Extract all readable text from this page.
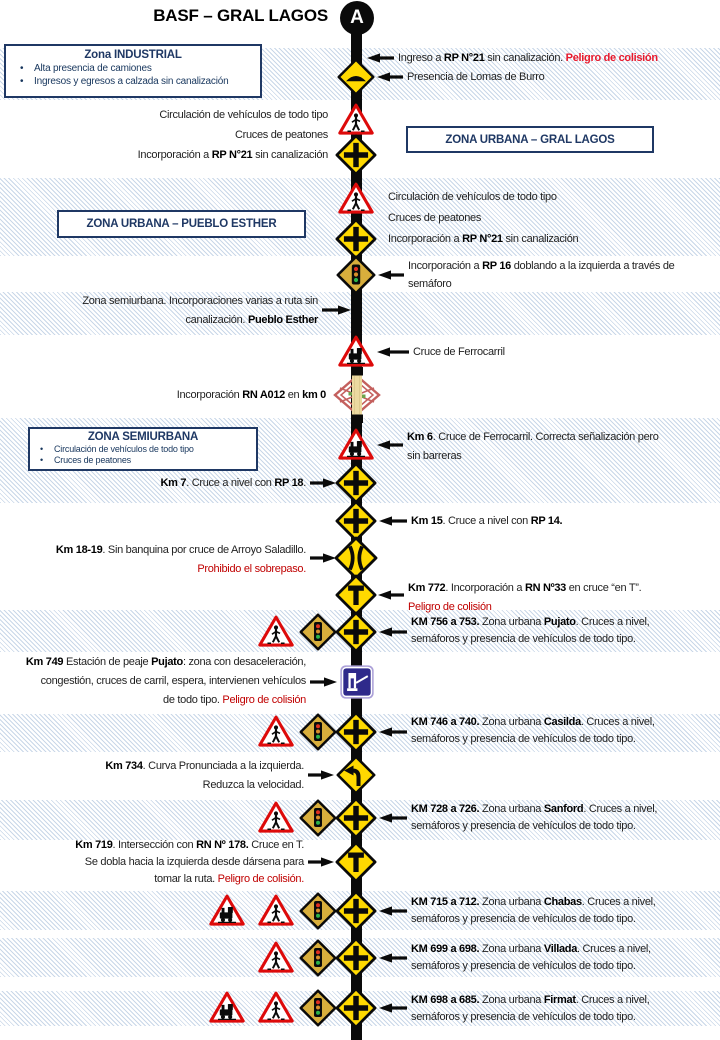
BASF – GRAL LAGOS	A
Zona INDUSTRIAL
•	Alta presencia de camiones
•	Ingresos y egresos a calzada sin canalización
ZONA URBANA – GRAL LAGOS
ZONA URBANA – PUEBLO ESTHER
ZONA SEMIURBANA
•	Circulación de vehículos de todo tipo
•	Cruces de peatones
Ingreso a RP N°21 sin canalización. Peligro de colisión
Presencia de Lomas de Burro
Circulación de vehículos de todo tipo
Cruces de peatones
Incorporación a RP N°21 sin canalización
Circulación de vehículos de todo tipo
Cruces de peatones
Incorporación a RP N°21 sin canalización
Incorporación a RP 16 doblando a la izquierda a través de
semáforo
Zona semiurbana. Incorporaciones varias a ruta sin
canalización. Pueblo Esther
Cruce de Ferrocarril
Incorporación RN A012 en km 0
Km 6. Cruce de Ferrocarril. Correcta señalización pero
sin barreras
Km 7. Cruce a nivel con RP 18.
Km 15. Cruce a nivel con RP 14.
Km 18-19. Sin banquina por cruce de Arroyo Saladillo.
Prohibido el sobrepaso.
Km 772. Incorporación a RN Nº33 en cruce “en T”.
Peligro de colisión
KM 756 a 753. Zona urbana Pujato. Cruces a nivel,
semáforos y presencia de vehículos de todo tipo.
Km 749 Estación de peaje Pujato: zona con desaceleración,
congestión, cruces de carril, espera, intervienen vehículos
de todo tipo. Peligro de colisión
KM 746 a 740. Zona urbana Casilda. Cruces a nivel,
semáforos y presencia de vehículos de todo tipo.
Km 734. Curva Pronunciada a la izquierda.
Reduzca la velocidad.
KM 728 a 726. Zona urbana Sanford. Cruces a nivel,
semáforos y presencia de vehículos de todo tipo.
Km 719. Intersección con RN Nº 178. Cruce en T.
Se dobla hacia la izquierda desde dársena para
tomar la ruta. Peligro de colisión.
KM 715 a 712. Zona urbana Chabas. Cruces a nivel,
semáforos y presencia de vehículos de todo tipo.
KM 699 a 698. Zona urbana Villada. Cruces a nivel,
semáforos y presencia de vehículos de todo tipo.
KM 698 a 685. Zona urbana Firmat. Cruces a nivel,
semáforos y presencia de vehículos de todo tipo.
